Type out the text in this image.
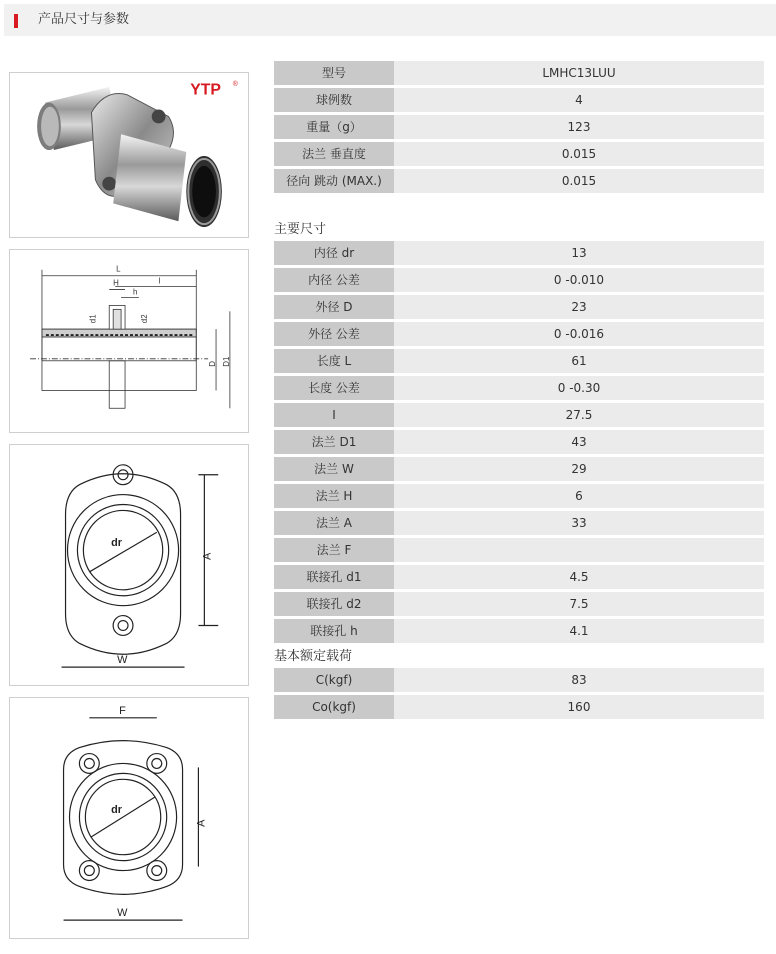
产品尺寸与参数
YTP ®
L
l
H
h
d1	d2
D D1
dr
A
W
F
dr
A
W
型号	LMHC13LUU
球例数	4
重量（g）	123
法兰 垂直度	0.015
径向 跳动 (MAX.)	0.015
主要尺寸
内径 dr	13
内径 公差	0 -0.010
外径 D	23
外径 公差	0 -0.016
长度 L	61
长度 公差	0 -0.30
I	27.5
法兰 D1	43
法兰 W	29
法兰 H	6
法兰 A	33
法兰 F
联接孔 d1	4.5
联接孔 d2	7.5
联接孔 h	4.1
基本额定载荷
C(kgf)	83
Co(kgf)	160
